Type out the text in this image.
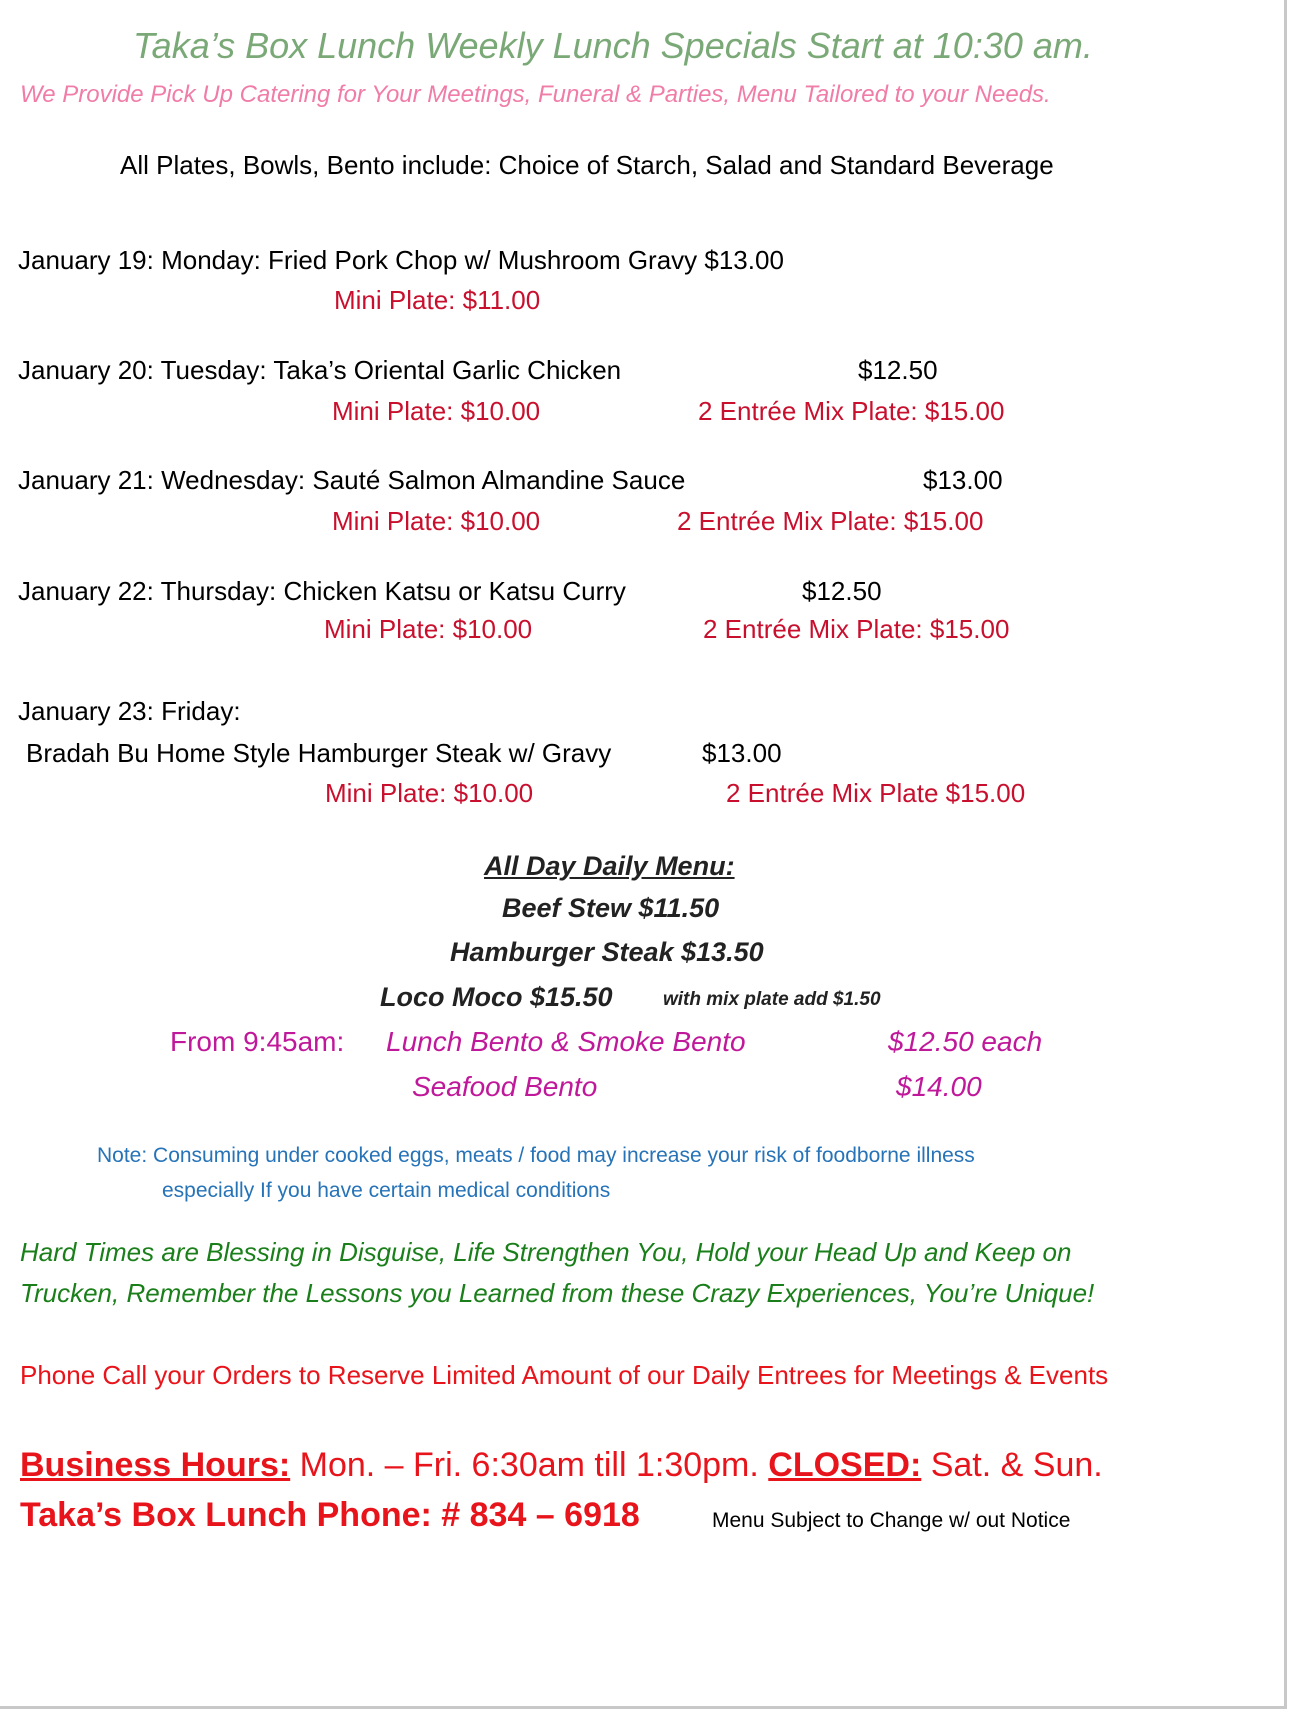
Taka’s Box Lunch Weekly Lunch Specials Start at 10:30 am.
We Provide Pick Up Catering for Your Meetings, Funeral & Parties, Menu Tailored to your Needs.
All Plates, Bowls, Bento include: Choice of Starch, Salad and Standard Beverage
January 19: Monday: Fried Pork Chop w/ Mushroom Gravy $13.00
Mini Plate: $11.00
January 20: Tuesday: Taka’s Oriental Garlic Chicken	$12.50
Mini Plate: $10.00	2 Entrée Mix Plate: $15.00
January 21: Wednesday: Sauté Salmon Almandine Sauce	$13.00
Mini Plate: $10.00	2 Entrée Mix Plate: $15.00
January 22: Thursday: Chicken Katsu or Katsu Curry	$12.50
Mini Plate: $10.00	2 Entrée Mix Plate: $15.00
January 23: Friday:
Bradah Bu Home Style Hamburger Steak w/ Gravy	$13.00
Mini Plate: $10.00	2 Entrée Mix Plate $15.00
All Day Daily Menu:
Beef Stew $11.50
Hamburger Steak $13.50
Loco Moco $15.50	with mix plate add $1.50
From 9:45am: Lunch Bento & Smoke Bento	$12.50 each
Seafood Bento	$14.00
Note: Consuming under cooked eggs, meats / food may increase your risk of foodborne illness
especially If you have certain medical conditions
Hard Times are Blessing in Disguise, Life Strengthen You, Hold your Head Up and Keep on
Trucken, Remember the Lessons you Learned from these Crazy Experiences, You’re Unique!
Phone Call your Orders to Reserve Limited Amount of our Daily Entrees for Meetings & Events
Business Hours: Mon. – Fri. 6:30am till 1:30pm. CLOSED: Sat. & Sun.
Taka’s Box Lunch Phone: # 834 – 6918	Menu Subject to Change w/ out Notice
